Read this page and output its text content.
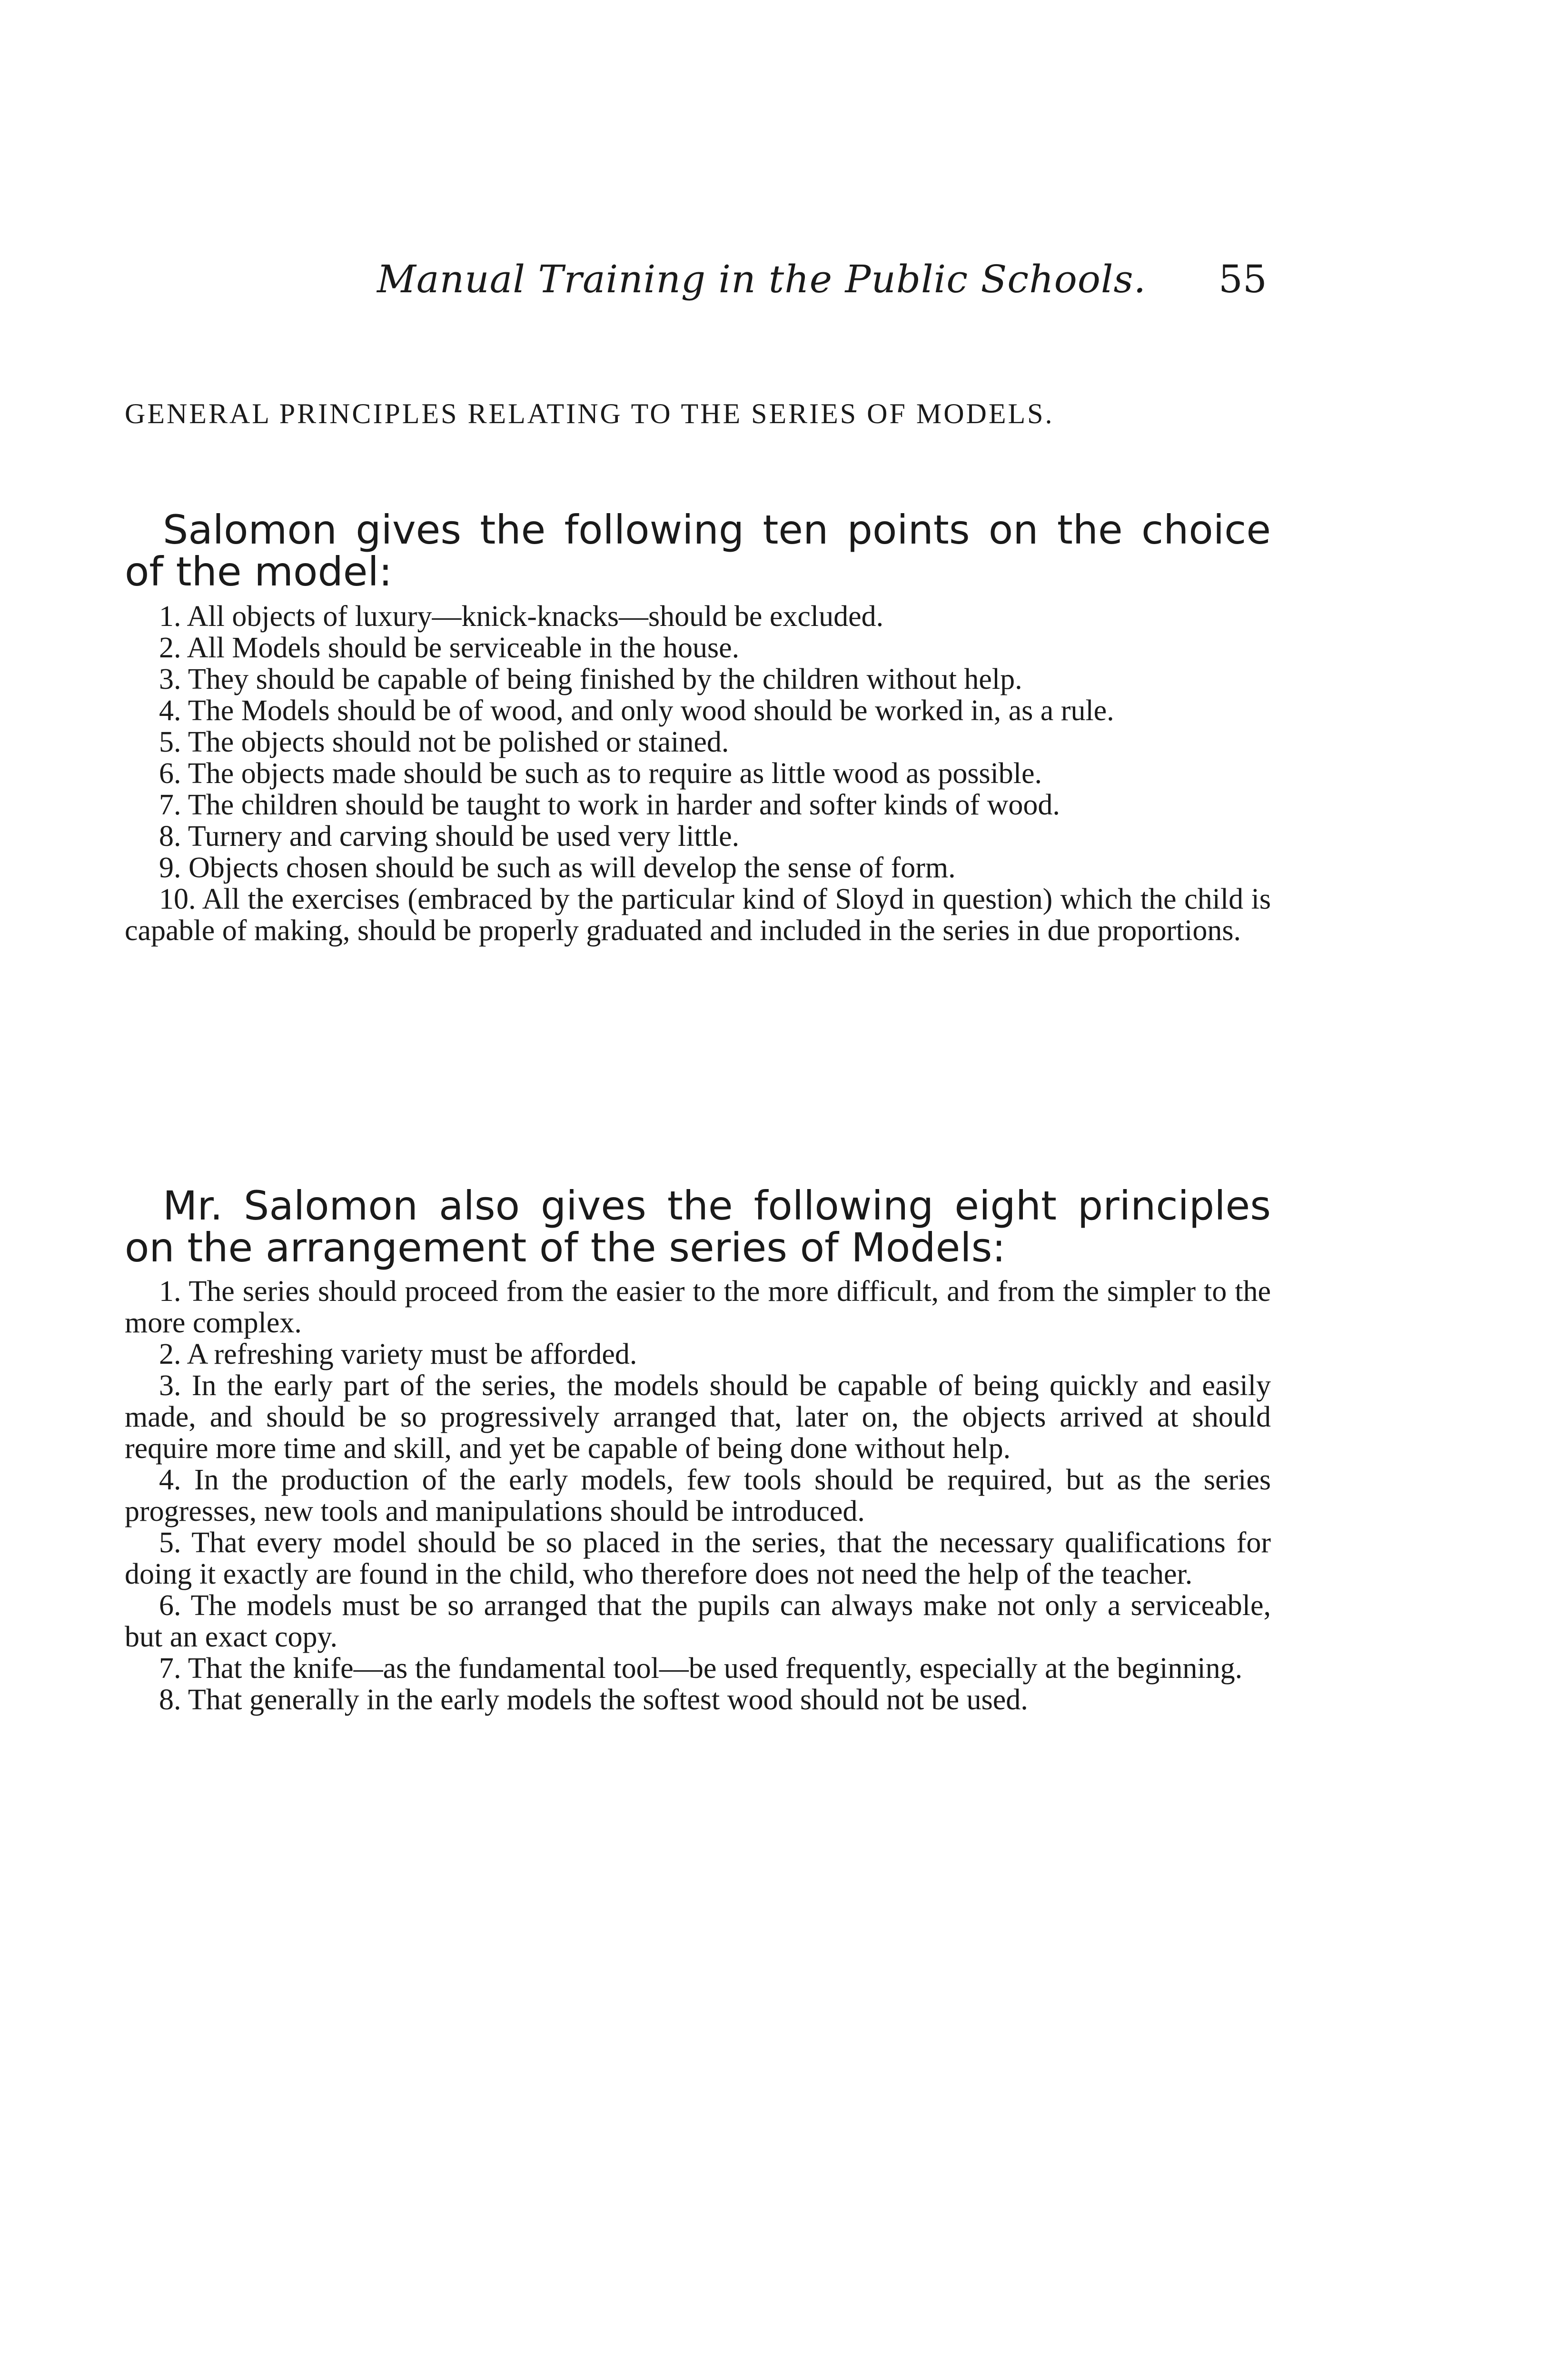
Manual Training in the Public Schools.	55
GENERAL PRINCIPLES RELATING TO THE SERIES OF MODELS.

Salomon gives the following ten points on the choice of the model:

1. All objects of luxury—knick-knacks—should be excluded.
2. All Models should be serviceable in the house.
3. They should be capable of being finished by the children without help.
4. The Models should be of wood, and only wood should be worked in, as a rule.
5. The objects should not be polished or stained.
6. The objects made should be such as to require as little wood as possible.
7. The children should be taught to work in harder and softer kinds of wood.
8. Turnery and carving should be used very little.
9. Objects chosen should be such as will develop the sense of form.
10. All the exercises (embraced by the particular kind of Sloyd in question) which the child is capable of making, should be properly graduated and included in the series in due proportions.

Mr. Salomon also gives the following eight principles on the arrangement of the series of Models:

1. The series should proceed from the easier to the more difficult, and from the simpler to the more complex.
2. A refreshing variety must be afforded.
3. In the early part of the series, the models should be capable of being quickly and easily made, and should be so progressively arranged that, later on, the objects arrived at should require more time and skill, and yet be capable of being done without help.
4. In the production of the early models, few tools should be required, but as the series progresses, new tools and manipulations should be introduced.
5. That every model should be so placed in the series, that the necessary qualifications for doing it exactly are found in the child, who therefore does not need the help of the teacher.
6. The models must be so arranged that the pupils can always make not only a serviceable, but an exact copy.
7. That the knife—as the fundamental tool—be used frequently, especially at the beginning.
8. That generally in the early models the softest wood should not be used.
